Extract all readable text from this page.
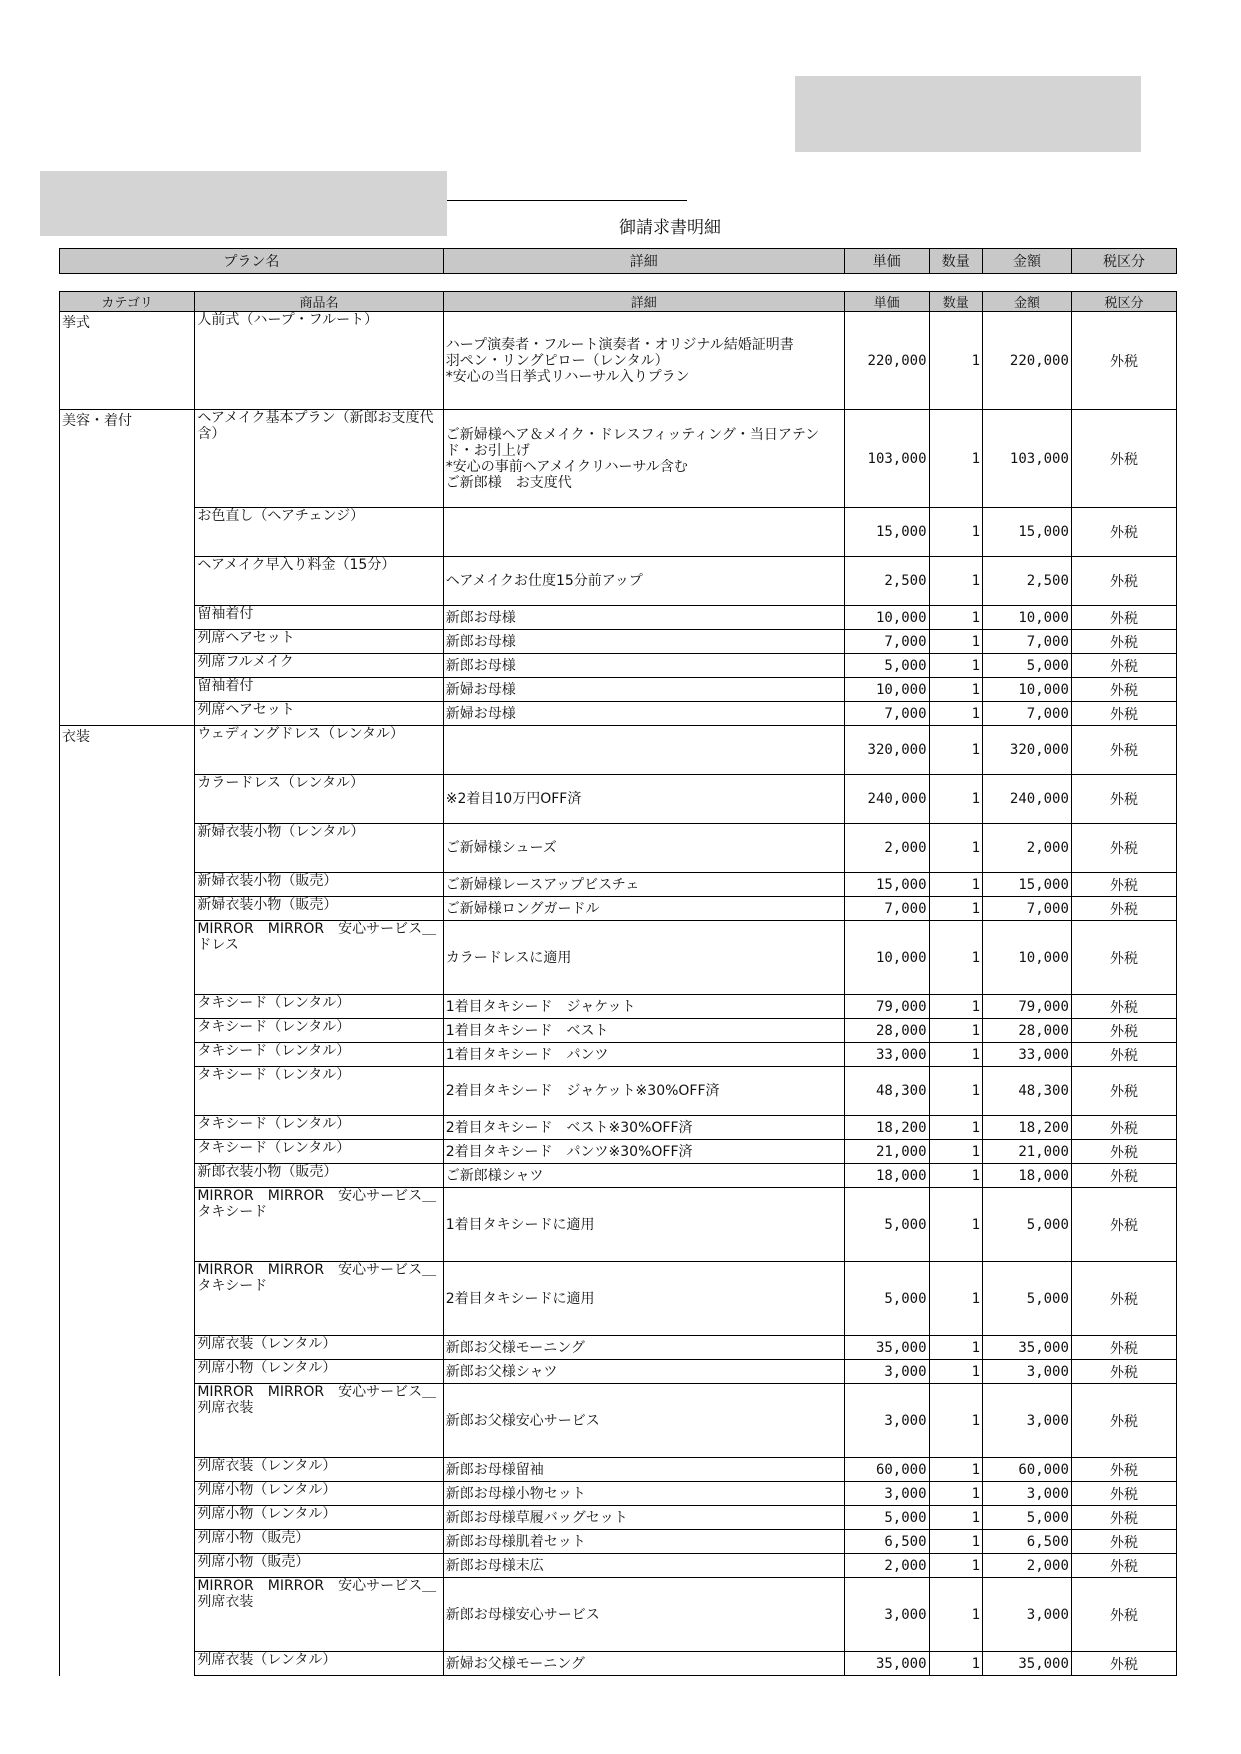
御請求書明細
プラン名	詳細	単価	数量	金額	税区分
カテゴリ	商品名	詳細	単価	数量	金額	税区分
挙式	人前式（ハープ・フルート）	ハープ演奏者・フルート演奏者・オリジナル結婚証明書
羽ペン・リングピロー（レンタル）
*安心の当日挙式リハーサル入りプラン	220,000	1	220,000	外税
美容・着付	ヘアメイク基本プラン（新郎お支度代含）	ご新婦様ヘア＆メイク・ドレスフィッティング・当日アテンド・お引上げ
*安心の事前ヘアメイクリハーサル含む
ご新郎様　お支度代	103,000	1	103,000	外税
	お色直し（ヘアチェンジ）		15,000	1	15,000	外税
	ヘアメイク早入り料金（15分）	ヘアメイクお仕度15分前アップ	2,500	1	2,500	外税
	留袖着付	新郎お母様	10,000	1	10,000	外税
	列席ヘアセット	新郎お母様	7,000	1	7,000	外税
	列席フルメイク	新郎お母様	5,000	1	5,000	外税
	留袖着付	新婦お母様	10,000	1	10,000	外税
	列席ヘアセット	新婦お母様	7,000	1	7,000	外税
衣装	ウェディングドレス（レンタル）		320,000	1	320,000	外税
	カラードレス（レンタル）	※2着目10万円OFF済	240,000	1	240,000	外税
	新婦衣装小物（レンタル）	ご新婦様シューズ	2,000	1	2,000	外税
	新婦衣装小物（販売）	ご新婦様レースアップビスチェ	15,000	1	15,000	外税
	新婦衣装小物（販売）	ご新婦様ロングガードル	7,000	1	7,000	外税
	MIRROR　MIRROR　安心サービス＿ドレス	カラードレスに適用	10,000	1	10,000	外税
	タキシード（レンタル）	1着目タキシード　ジャケット	79,000	1	79,000	外税
	タキシード（レンタル）	1着目タキシード　ベスト	28,000	1	28,000	外税
	タキシード（レンタル）	1着目タキシード　パンツ	33,000	1	33,000	外税
	タキシード（レンタル）	2着目タキシード　ジャケット※30%OFF済	48,300	1	48,300	外税
	タキシード（レンタル）	2着目タキシード　ベスト※30%OFF済	18,200	1	18,200	外税
	タキシード（レンタル）	2着目タキシード　パンツ※30%OFF済	21,000	1	21,000	外税
	新郎衣装小物（販売）	ご新郎様シャツ	18,000	1	18,000	外税
	MIRROR　MIRROR　安心サービス＿タキシード	1着目タキシードに適用	5,000	1	5,000	外税
	MIRROR　MIRROR　安心サービス＿タキシード	2着目タキシードに適用	5,000	1	5,000	外税
	列席衣装（レンタル）	新郎お父様モーニング	35,000	1	35,000	外税
	列席小物（レンタル）	新郎お父様シャツ	3,000	1	3,000	外税
	MIRROR　MIRROR　安心サービス＿列席衣装	新郎お父様安心サービス	3,000	1	3,000	外税
	列席衣装（レンタル）	新郎お母様留袖	60,000	1	60,000	外税
	列席小物（レンタル）	新郎お母様小物セット	3,000	1	3,000	外税
	列席小物（レンタル）	新郎お母様草履バッグセット	5,000	1	5,000	外税
	列席小物（販売）	新郎お母様肌着セット	6,500	1	6,500	外税
	列席小物（販売）	新郎お母様末広	2,000	1	2,000	外税
	MIRROR　MIRROR　安心サービス＿列席衣装	新郎お母様安心サービス	3,000	1	3,000	外税
	列席衣装（レンタル）	新婦お父様モーニング	35,000	1	35,000	外税
